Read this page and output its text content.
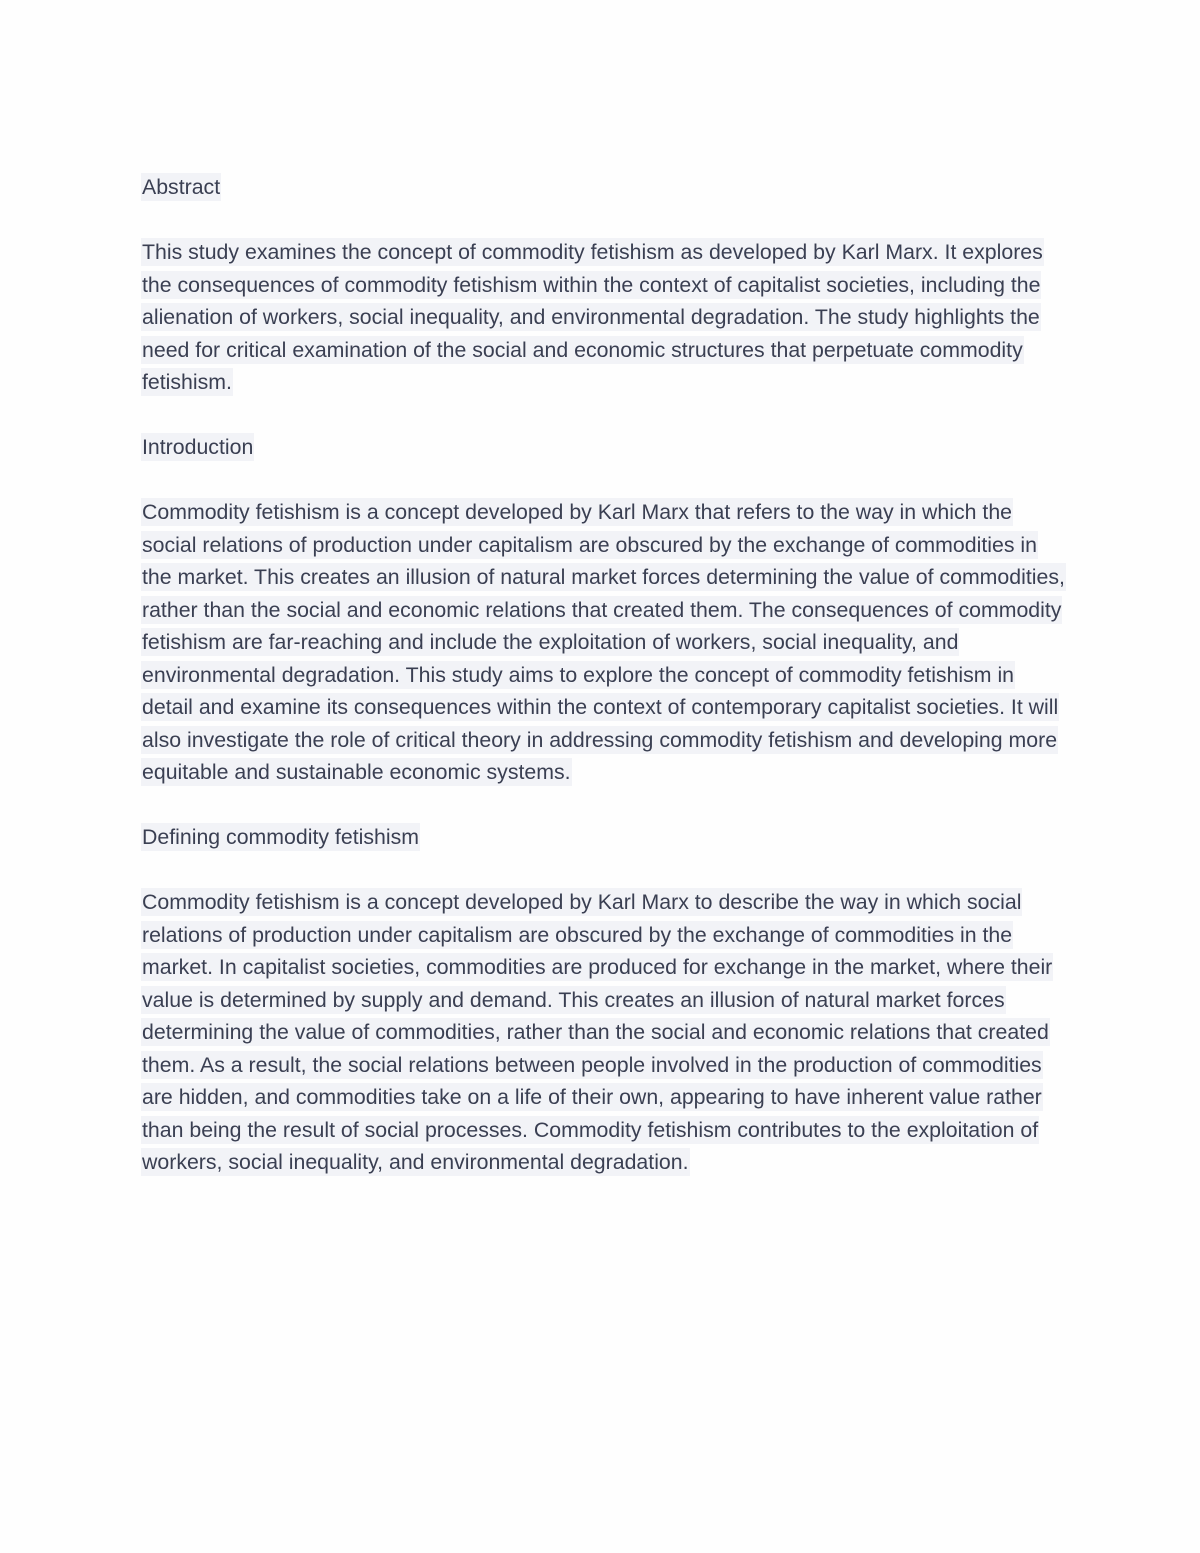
Abstract

This study examines the concept of commodity fetishism as developed by Karl Marx. It explores the consequences of commodity fetishism within the context of capitalist societies, including the alienation of workers, social inequality, and environmental degradation. The study highlights the need for critical examination of the social and economic structures that perpetuate commodity fetishism.

Introduction

Commodity fetishism is a concept developed by Karl Marx that refers to the way in which the social relations of production under capitalism are obscured by the exchange of commodities in the market. This creates an illusion of natural market forces determining the value of commodities, rather than the social and economic relations that created them. The consequences of commodity fetishism are far-reaching and include the exploitation of workers, social inequality, and environmental degradation. This study aims to explore the concept of commodity fetishism in detail and examine its consequences within the context of contemporary capitalist societies. It will also investigate the role of critical theory in addressing commodity fetishism and developing more equitable and sustainable economic systems.

Defining commodity fetishism

Commodity fetishism is a concept developed by Karl Marx to describe the way in which social relations of production under capitalism are obscured by the exchange of commodities in the market. In capitalist societies, commodities are produced for exchange in the market, where their value is determined by supply and demand. This creates an illusion of natural market forces determining the value of commodities, rather than the social and economic relations that created them. As a result, the social relations between people involved in the production of commodities are hidden, and commodities take on a life of their own, appearing to have inherent value rather than being the result of social processes. Commodity fetishism contributes to the exploitation of workers, social inequality, and environmental degradation.
